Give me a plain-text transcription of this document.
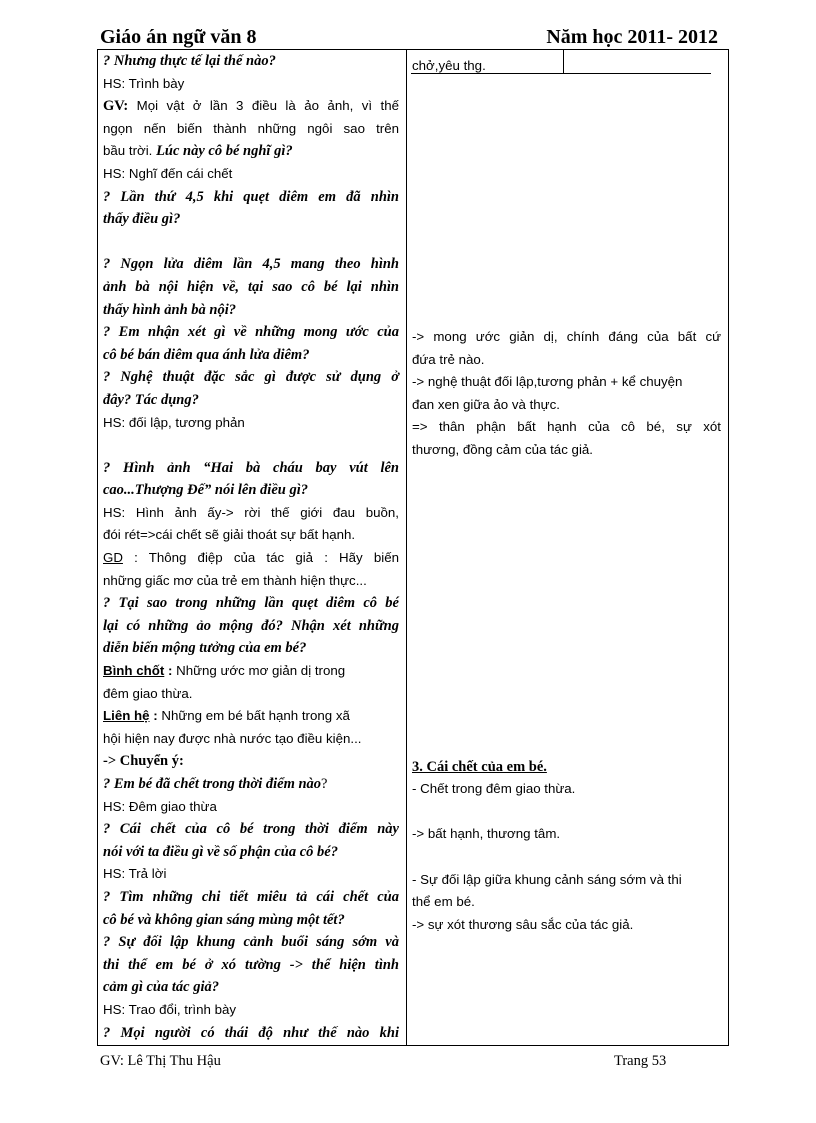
Giáo án ngữ văn 8	Năm học 2011- 2012
? Nhưng thực tế lại thế nào?
HS: Trình bày
GV: Mọi vật ở lần 3 điều là ảo ảnh, vì thế
ngọn nến biến thành những ngôi sao trên
bầu trời. Lúc này cô bé nghĩ gì?
HS: Nghĩ đến cái chết
? Lần thứ 4,5 khi quẹt diêm em đã nhìn
thấy điều gì?
? Ngọn lửa diêm lần 4,5 mang theo hình
ảnh bà nội hiện về, tại sao cô bé lại nhìn
thấy hình ảnh bà nội?
? Em nhận xét gì về những mong ước của
cô bé bán diêm qua ánh lửa diêm?
? Nghệ thuật đặc sắc gì được sử dụng ở
đây? Tác dụng?
HS: đối lập, tương phản
? Hình ảnh “Hai bà cháu bay vút lên
cao...Thượng Đế” nói lên điều gì?
HS: Hình ảnh ấy-> rời thế giới đau buồn,
đói rét=>cái chết sẽ giải thoát sự bất hạnh.
GD : Thông điệp của tác giả : Hãy biến
những giấc mơ của trẻ em thành hiện thực...
? Tại sao trong những lần quẹt diêm cô bé
lại có những ảo mộng đó? Nhận xét những
diễn biến mộng tưởng của em bé?
Bình chốt : Những ước mơ giản dị trong
đêm giao thừa.
Liên hệ : Những em bé bất hạnh trong xã
hội hiện nay được nhà nước tạo điều kiện...
-> Chuyển ý:
? Em bé đã chết trong thời điểm nào?
HS: Đêm giao thừa
? Cái chết của cô bé trong thời điểm này
nói với ta điều gì về số phận của cô bé?
HS: Trả lời
? Tìm những chi tiết miêu tả cái chết của
cô bé và không gian sáng mùng một tết?
? Sự đối lập khung cảnh buổi sáng sớm và
thi thể em bé ở xó tường -> thể hiện tình
cảm gì của tác giả?
HS: Trao đổi, trình bày
? Mọi người có thái độ như thế nào khi
chở,yêu thg.
-> mong ước giản dị, chính đáng của bất cứ
đứa trẻ nào.
-> nghệ thuật đối lập,tương phản + kể chuyện
đan xen giữa ảo và thực.
=> thân phận bất hạnh của cô bé, sự xót
thương, đồng cảm của tác giả.
3. Cái chết của em bé.
- Chết trong đêm giao thừa.
-> bất hạnh, thương tâm.
- Sự đối lập giữa khung cảnh sáng sớm và thi
thể em bé.
-> sự xót thương sâu sắc của tác giả.
GV: Lê Thị Thu Hậu	Trang 53
